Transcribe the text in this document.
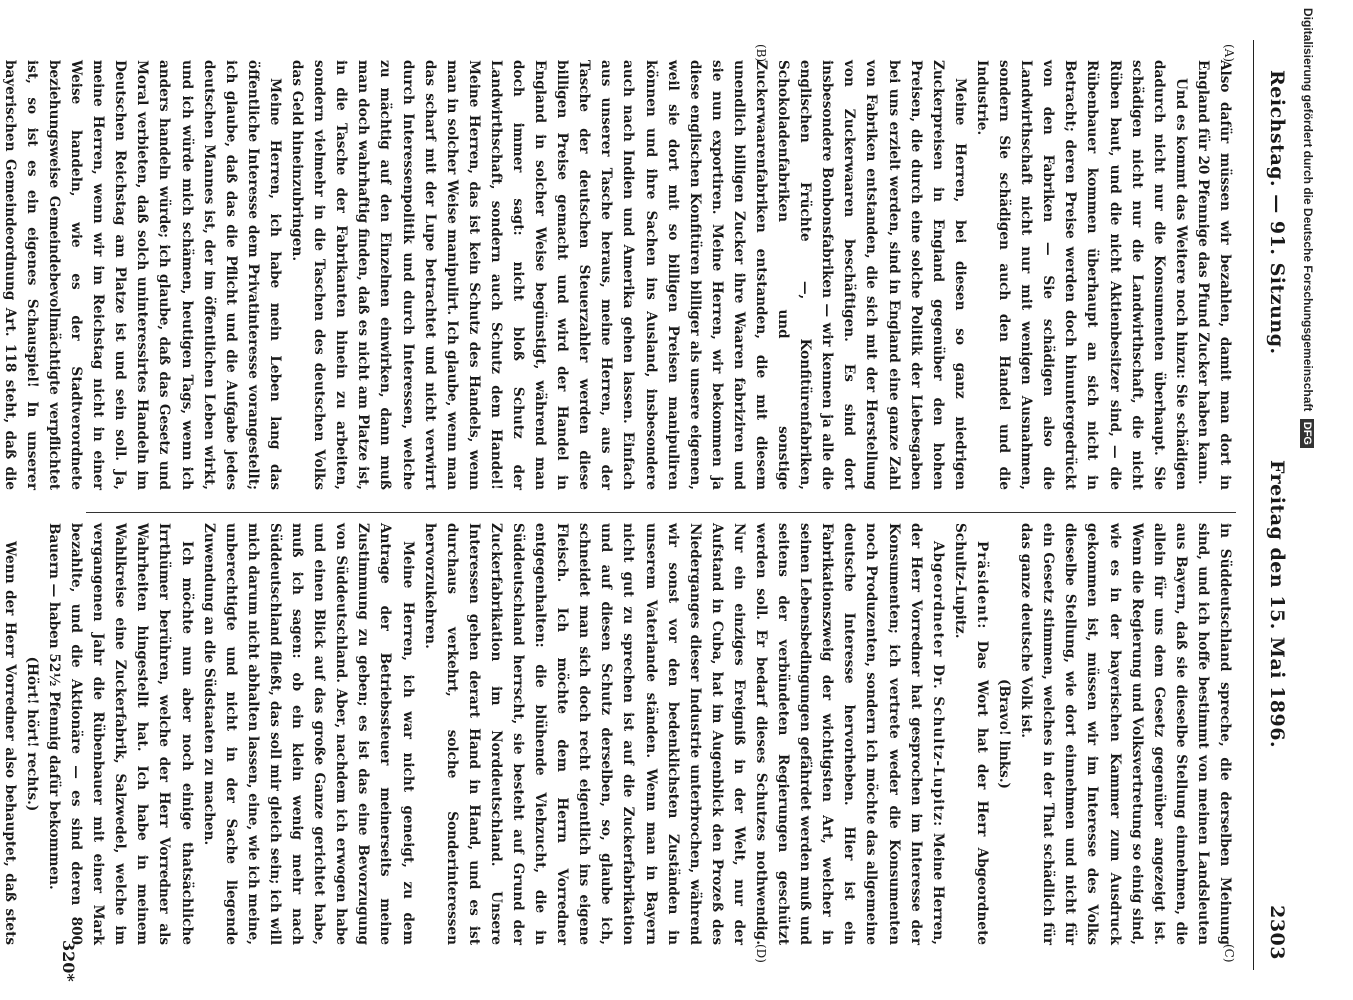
Reichstag. — 91. Sitzung.
Freitag den 15. Mai 1896.
2303
(A)
(B)
(C)
(D)

Also dafür müssen wir bezahlen, damit man dort in England für 20 Pfennige das Pfund Zucker haben kann.

Und es kommt das Weitere noch hinzu: Sie schädigen dadurch nicht nur die Konsumenten überhaupt. Sie schädigen nicht nur die Landwirthschaft, die nicht Rüben baut, und die nicht Aktienbesitzer sind, — die Rübenbauer kommen überhaupt an sich nicht in Betracht; deren Preise werden doch hinuntergedrückt von den Fabriken — Sie schädigen also die Landwirthschaft nicht nur mit wenigen Ausnahmen, sondern Sie schädigen auch den Handel und die Industrie.

Meine Herren, bei diesen so ganz niedrigen Zuckerpreisen in England gegenüber den hohen Preisen, die durch eine solche Politik der Liebesgaben bei uns erzielt werden, sind in England eine ganze Zahl von Fabriken entstanden, die sich mit der Herstellung von Zuckerwaaren beschäftigen. Es sind dort insbesondere Bonbonsfabriken — wir kennen ja alle die englischen Früchte —, Konfitürenfabriken, Schokoladenfabriken und sonstige Zuckerwaarenfabriken entstanden, die mit diesem unendlich billigen Zucker ihre Waaren fabriziren und sie nun exportiren. Meine Herren, wir bekommen ja diese englischen Konfitüren billiger als unsere eigenen, weil sie dort mit so billigen Preisen manipuliren können und ihre Sachen ins Ausland, insbesondere auch nach Indien und Amerika gehen lassen. Einfach aus unserer Tasche heraus, meine Herren, aus der Tasche der deutschen Steuerzahler werden diese billigen Preise gemacht und wird der Handel in England in solcher Weise begünstigt, während man doch immer sagt: nicht bloß Schutz der Landwirthschaft, sondern auch Schutz dem Handel! Meine Herren, das ist kein Schutz des Handels, wenn man in solcher Weise manipulirt. Ich glaube, wenn man das scharf mit der Lupe betrachtet und nicht verwirrt durch Interessenpolitik und durch Interessen, welche zu mächtig auf den Einzelnen einwirken, dann muß man doch wahrhaftig finden, daß es nicht am Platze ist, in die Tasche der Fabrikanten hinein zu arbeiten, sondern vielmehr in die Taschen des deutschen Volks das Geld hineinzubringen.

Meine Herren, ich habe mein Leben lang das öffentliche Interesse dem Privatinteresse vorangestellt; ich glaube, daß das die Pflicht und die Aufgabe jedes deutschen Mannes ist, der im öffentlichen Leben wirkt, und ich würde mich schämen, heutigen Tags, wenn ich anders handeln würde; ich glaube, daß das Gesetz und Moral verbieten, daß solch uninteressirtes Handeln im Deutschen Reichstag am Platze ist und sein soll. Ja, meine Herren, wenn wir im Reichstag nicht in einer Weise handeln, wie es der Stadtverordnete beziehungsweise Gemeindebevollmächtigte verpflichtet ist, so ist es ein eigenes Schauspiel! In unserer bayerischen Gemeindeordnung Art. 118 steht, daß die

in Süddeutschland spreche, die derselben Meinung sind, und ich hoffe bestimmt von meinen Landsleuten aus Bayern, daß sie dieselbe Stellung einnehmen, die allein für uns dem Gesetz gegenüber angezeigt ist. Wenn die Regierung und Volksvertretung so einig sind, wie es in der bayerischen Kammer zum Ausdruck gekommen ist, müssen wir im Interesse des Volks dieselbe Stellung, wie dort einnehmen und nicht für ein Gesetz stimmen, welches in der That schädlich für das ganze deutsche Volk ist.

(Bravo! links.)

Präsident: Das Wort hat der Herr Abgeordnete Schultz-Lupitz.

Abgeordneter Dr. Schultz-Lupitz: Meine Herren, der Herr Vorredner hat gesprochen im Interesse der Konsumenten; ich vertrete weder die Konsumenten noch Produzenten, sondern ich möchte das allgemeine deutsche Interesse hervorheben. Hier ist ein Fabrikationszweig der wichtigsten Art, welcher in seinen Lebensbedingungen gefährdet werden muß und seitens der verbündeten Regierungen geschützt werden soll. Er bedarf dieses Schutzes nothwendig. Nur ein einziges Ereigniß in der Welt, nur der Aufstand in Cuba, hat im Augenblick den Prozeß des Niederganges dieser Industrie unterbrochen, während wir sonst vor den bedenklichsten Zuständen in unserem Vaterlande ständen. Wenn man in Bayern nicht gut zu sprechen ist auf die Zuckerfabrikation und auf diesen Schutz derselben, so, glaube ich, schneidet man sich doch recht eigentlich ins eigene Fleisch. Ich möchte dem Herrn Vorredner entgegenhalten: die blühende Viehzucht, die in Süddeutschland herrscht, sie besteht auf Grund der Zuckerfabrikation im Norddeutschland. Unsere Interessen gehen derart Hand in Hand, und es ist durchaus verkehrt, solche Sonderinteressen hervorzukehren.

Meine Herren, ich war nicht geneigt, zu dem Antrage der Betriebssteuer meinerseits meine Zustimmung zu geben; es ist das eine Bevorzugung von Süddeutschland. Aber, nachdem ich erwogen habe und einen Blick auf das große Ganze gerichtet habe, muß ich sagen: ob ein klein wenig mehr nach Süddeutschland fließt, das soll mir gleich sein; ich will mich darum nicht abhalten lassen, eine, wie ich meine, unberechtigte und nicht in der Sache liegende Zuwendung an die Südstaaten zu machen.

Ich möchte nun aber noch einige thatsächliche Irrthümer berühren, welche der Herr Vorredner als Wahrheiten hingestellt hat. Ich habe in meinem Wahlkreise eine Zuckerfabrik, Salzwedel, welche im vergangenen Jahr die Rübenbauer mit einer Mark bezahlte, und die Aktionäre — es sind deren 800 Bauern — haben 52½ Pfennig dafür bekommen.

(Hört! hört! rechts.)

Wenn der Herr Vorredner also behauptet, daß stets

320*
Digitalisierung gefördert durch die Deutsche Forschungsgemeinschaft DFG
